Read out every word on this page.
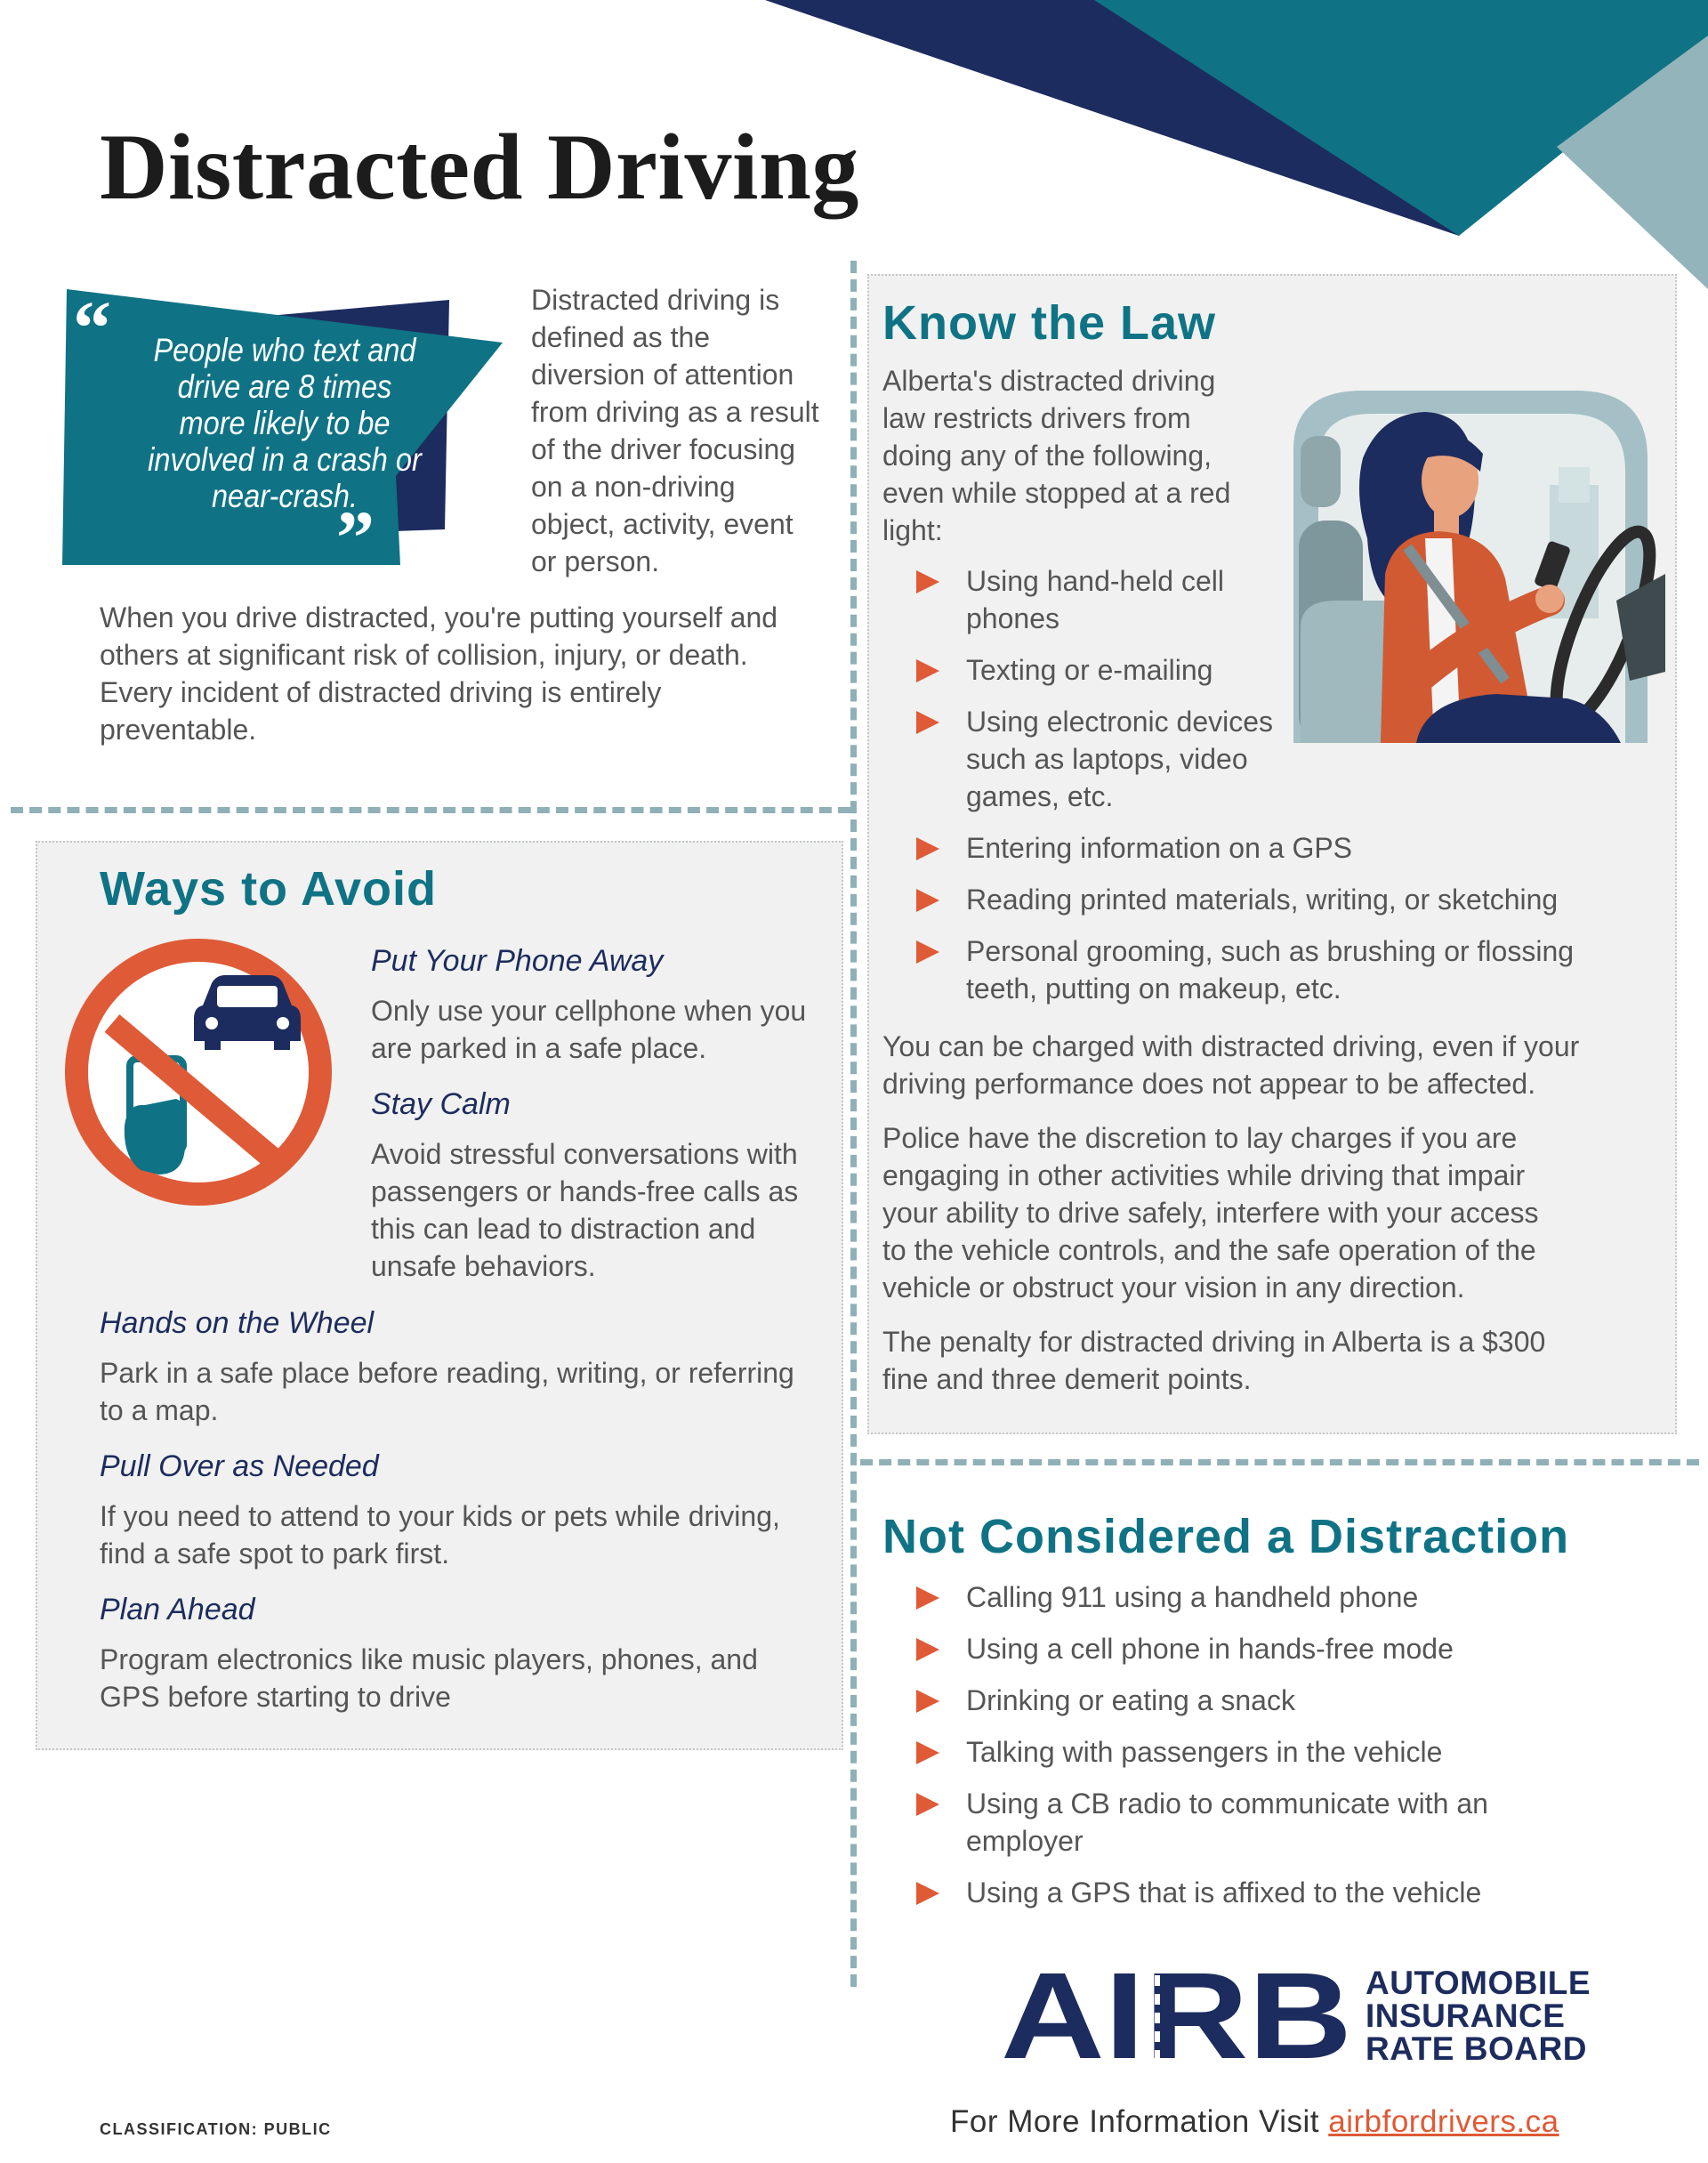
Distracted Driving
“
”
People who text and drive are 8 times more likely to be involved in a crash or near-crash.

Distracted driving is defined as the diversion of attention from driving as a result of the driver focusing on a non-driving object, activity, event or person.

When you drive distracted, you're putting yourself and others at significant risk of collision, injury, or death. Every incident of distracted driving is entirely preventable.

Know the Law

Alberta's distracted driving law restricts drivers from doing any of the following, even while stopped at a red light:

Using hand-held cell phones
Texting or e-mailing
Using electronic devices such as laptops, video games, etc.
Entering information on a GPS
Reading printed materials, writing, or sketching
Personal grooming, such as brushing or flossing teeth, putting on makeup, etc.

You can be charged with distracted driving, even if your driving performance does not appear to be affected.

Police have the discretion to lay charges if you are engaging in other activities while driving that impair your ability to drive safely, interfere with your access to the vehicle controls, and the safe operation of the vehicle or obstruct your vision in any direction.

The penalty for distracted driving in Alberta is a $300 fine and three demerit points.

Ways to Avoid
Put Your Phone Away

Only use your cellphone when you are parked in a safe place.

Stay Calm

Avoid stressful conversations with passengers or hands-free calls as this can lead to distraction and unsafe behaviors.

Hands on the Wheel

Park in a safe place before reading, writing, or referring to a map.

Pull Over as Needed

If you need to attend to your kids or pets while driving, find a safe spot to park first.

Plan Ahead

Program electronics like music players, phones, and GPS before starting to drive

Not Considered a Distraction
Calling 911 using a handheld phone
Using a cell phone in hands-free mode
Drinking or eating a snack
Talking with passengers in the vehicle
Using a CB radio to communicate with an employer
Using a GPS that is affixed to the vehicle
AIRB AUTOMOBILE
INSURANCE
RATE BOARD
CLASSIFICATION: PUBLIC	For More Information Visit airbfordrivers.ca
